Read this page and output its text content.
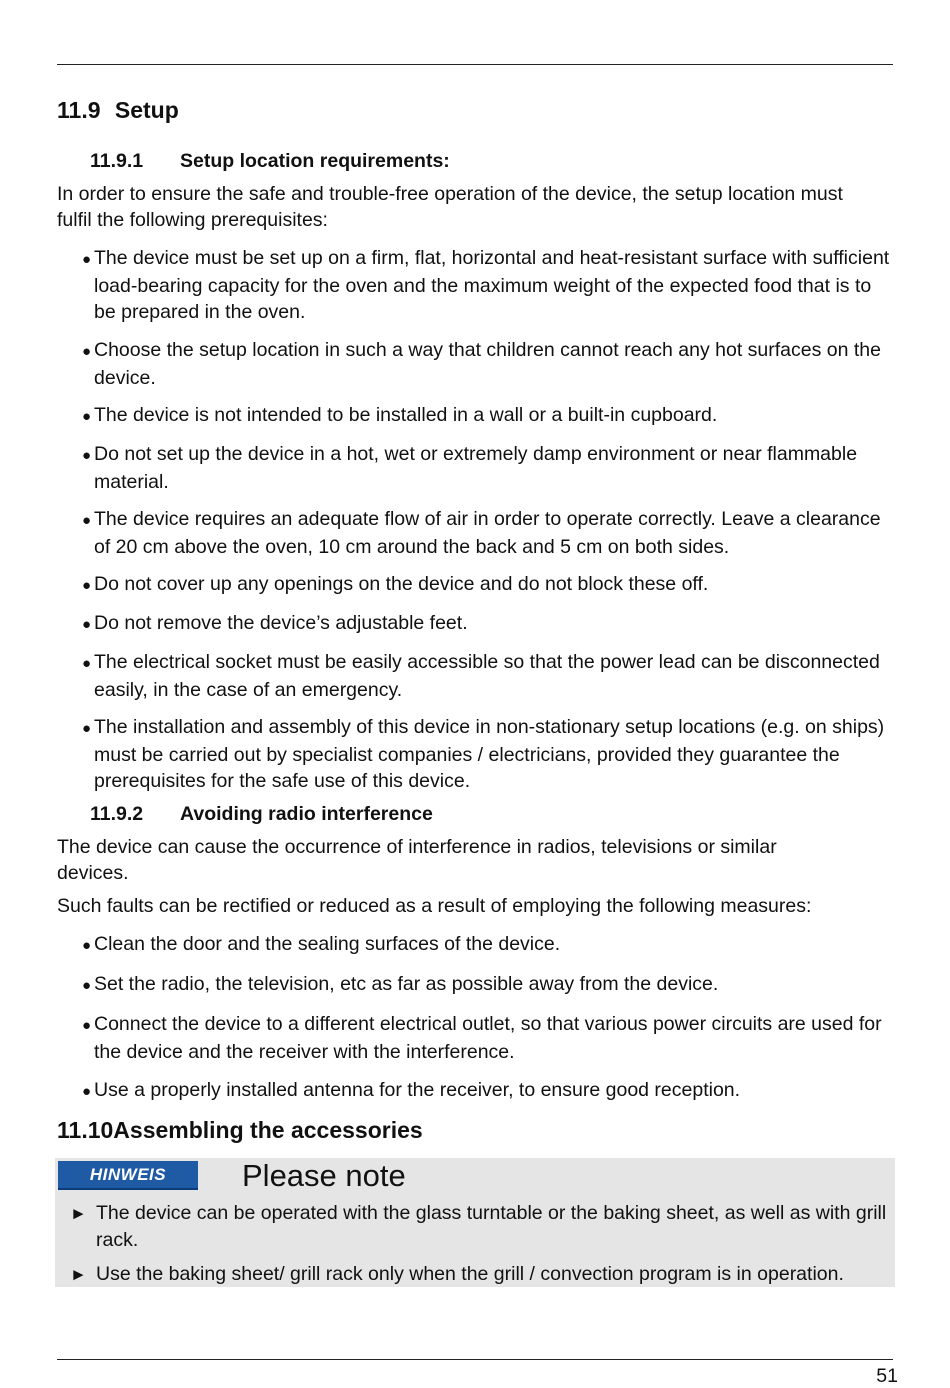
11.9 Setup
11.9.1 Setup location requirements:

In order to ensure the safe and trouble-free operation of the device, the setup location must fulfil the following prerequisites:

● The device must be set up on a firm, flat, horizontal and heat-resistant surface with sufficient load-bearing capacity for the oven and the maximum weight of the expected food that is to be prepared in the oven.
● Choose the setup location in such a way that children cannot reach any hot surfaces on the device.
● The device is not intended to be installed in a wall or a built-in cupboard.
● Do not set up the device in a hot, wet or extremely damp environment or near flammable material.
● The device requires an adequate flow of air in order to operate correctly. Leave a clearance of 20 cm above the oven, 10 cm around the back and 5 cm on both sides.
● Do not cover up any openings on the device and do not block these off.
● Do not remove the device’s adjustable feet.
● The electrical socket must be easily accessible so that the power lead can be disconnected easily, in the case of an emergency.
● The installation and assembly of this device in non-stationary setup locations (e.g. on ships) must be carried out by specialist companies / electricians, provided they guarantee the prerequisites for the safe use of this device.
11.9.2 Avoiding radio interference

The device can cause the occurrence of interference in radios, televisions or similar devices.

Such faults can be rectified or reduced as a result of employing the following measures:

● Clean the door and the sealing surfaces of the device.
● Set the radio, the television, etc as far as possible away from the device.
● Connect the device to a different electrical outlet, so that various power circuits are used for the device and the receiver with the interference.
● Use a properly installed antenna for the receiver, to ensure good reception.
11.10Assembling the accessories
HINWEIS	Please note

► The device can be operated with the glass turntable or the baking sheet, as well as with grill rack.
► Use the baking sheet/ grill rack only when the grill / convection program is in operation.
51
